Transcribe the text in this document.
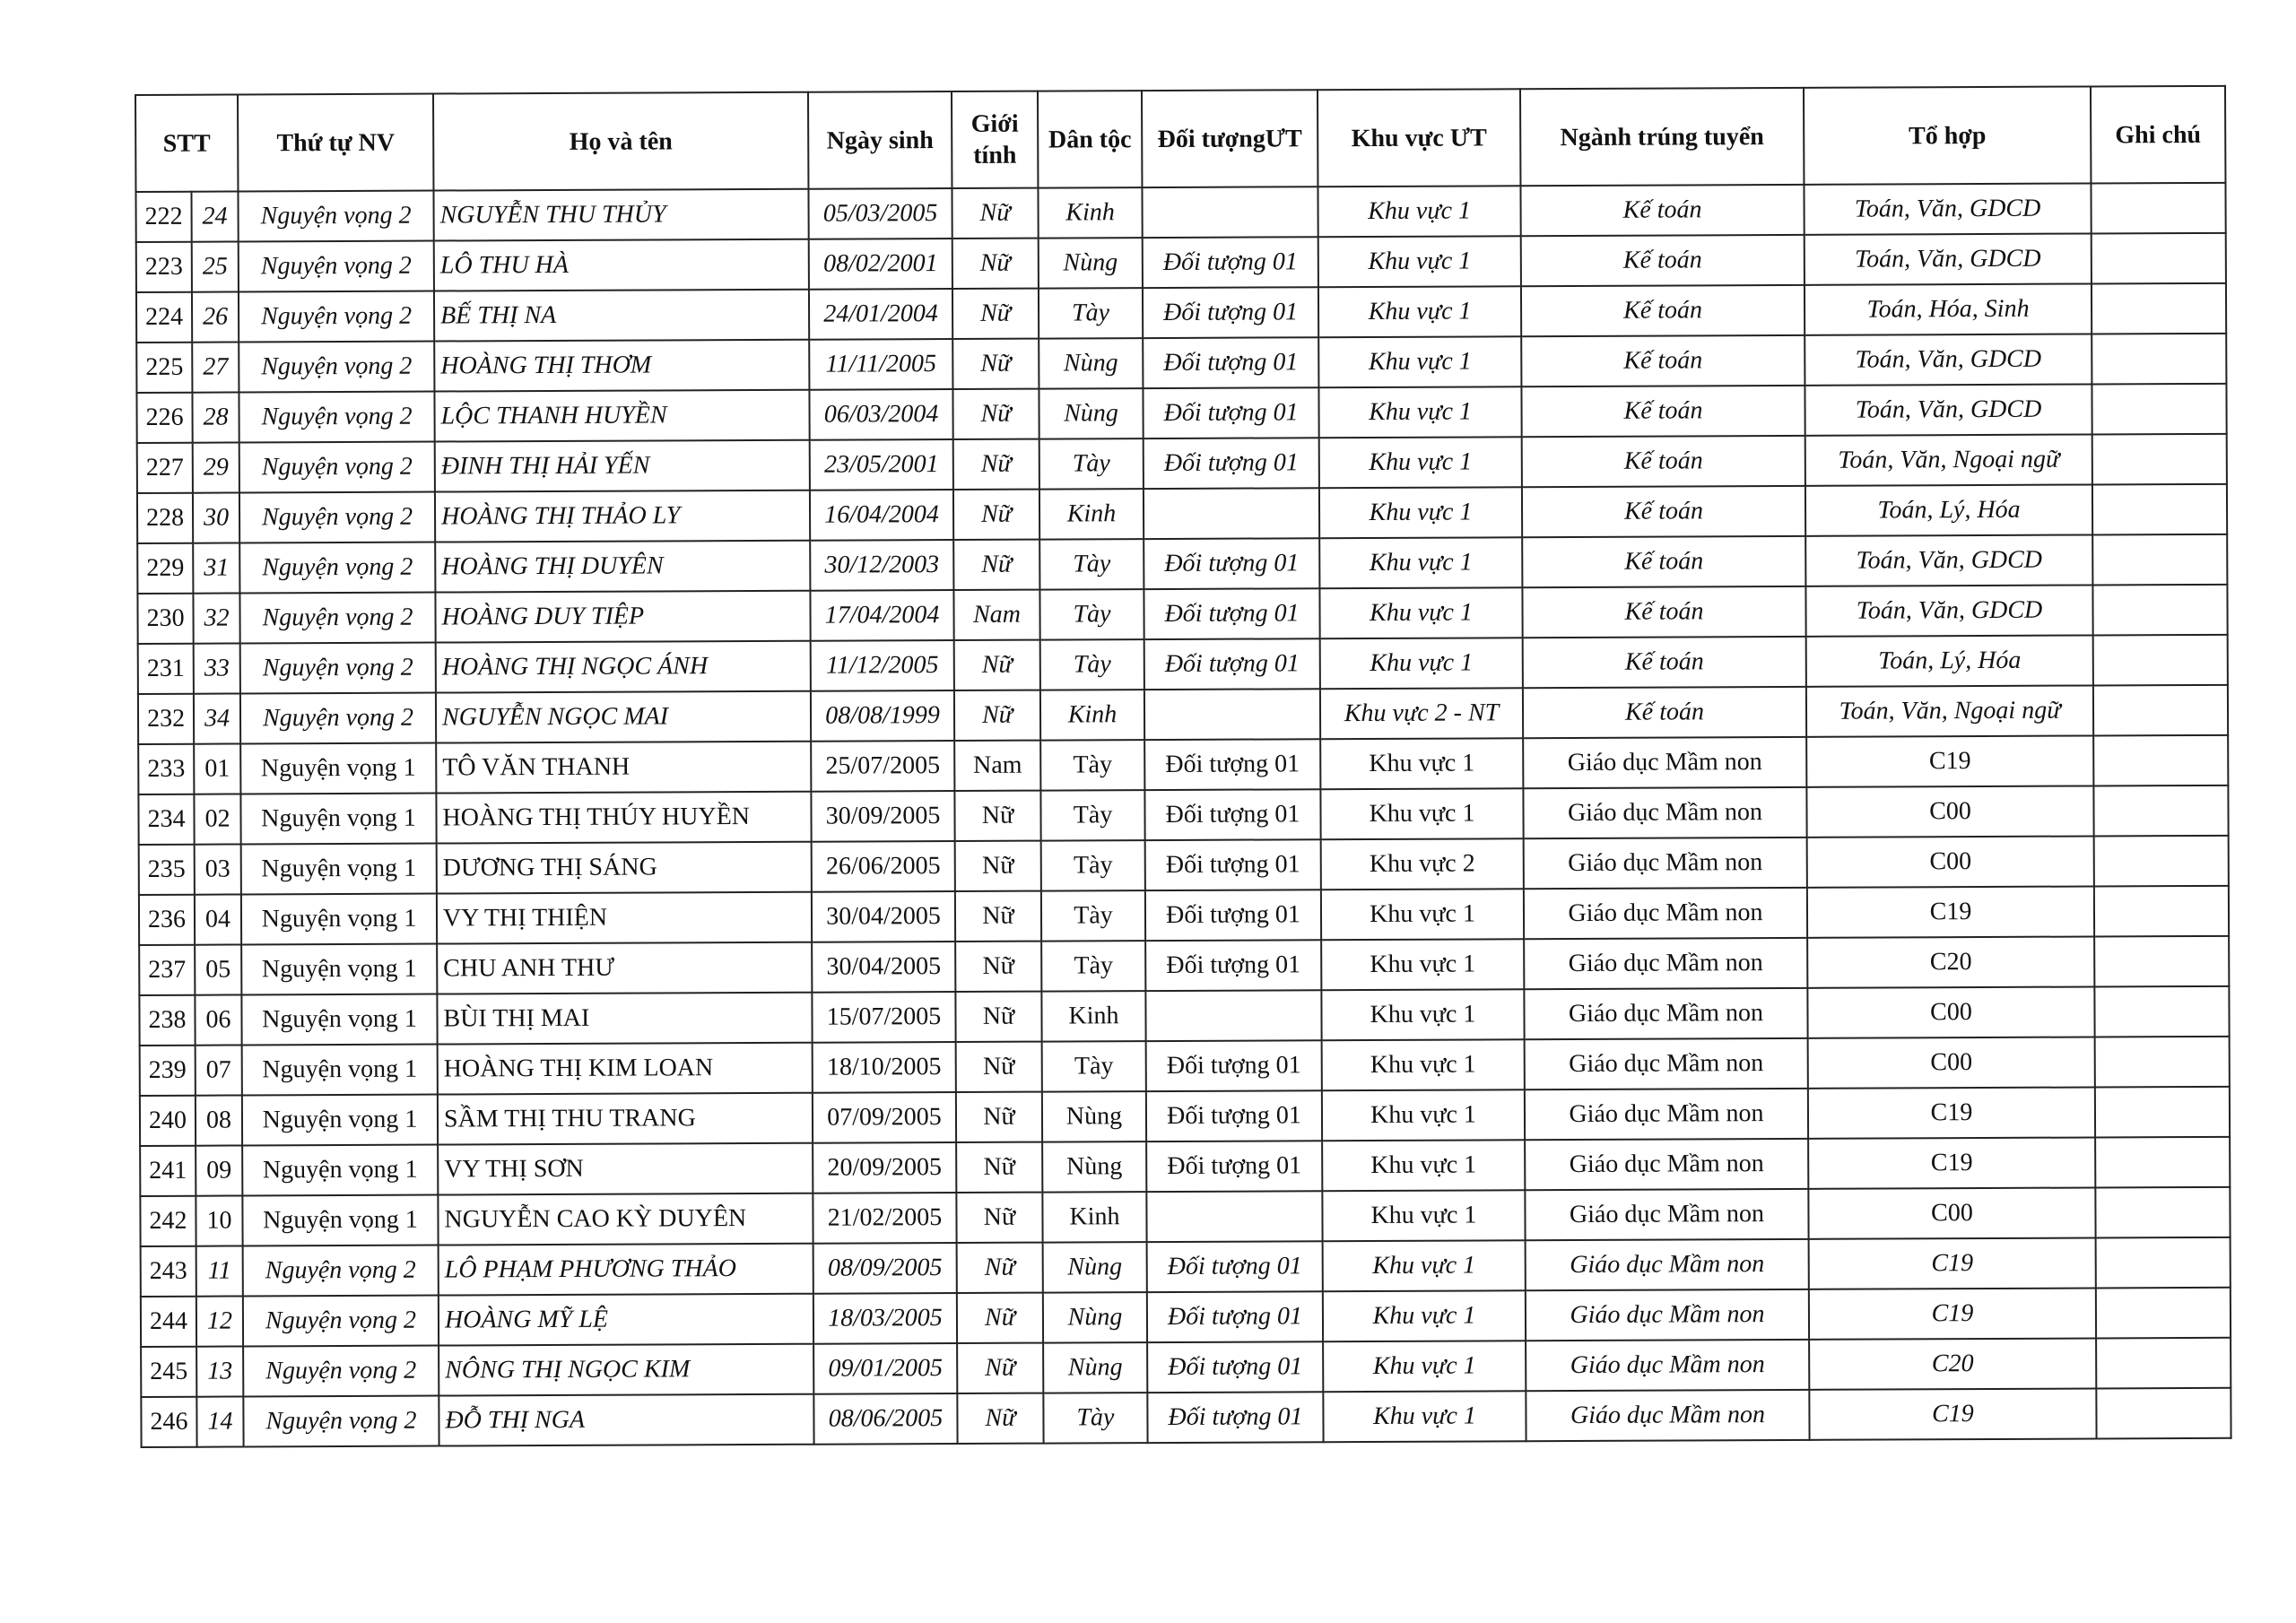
STT		Thứ tự NV	Họ và tên	Ngày sinh	Giới tính	Dân tộc	Đối tượngƯT	Khu vực ƯT	Ngành trúng tuyển	Tổ hợp	Ghi chú
222	24	Nguyện vọng 2	NGUYỄN THU THỦY	05/03/2005	Nữ	Kinh		Khu vực 1	Kế toán	Toán, Văn, GDCD	
223	25	Nguyện vọng 2	LÔ THU HÀ	08/02/2001	Nữ	Nùng	Đối tượng 01	Khu vực 1	Kế toán	Toán, Văn, GDCD	
224	26	Nguyện vọng 2	BẾ THỊ NA	24/01/2004	Nữ	Tày	Đối tượng 01	Khu vực 1	Kế toán	Toán, Hóa, Sinh	
225	27	Nguyện vọng 2	HOÀNG THỊ THƠM	11/11/2005	Nữ	Nùng	Đối tượng 01	Khu vực 1	Kế toán	Toán, Văn, GDCD	
226	28	Nguyện vọng 2	LỘC THANH HUYỀN	06/03/2004	Nữ	Nùng	Đối tượng 01	Khu vực 1	Kế toán	Toán, Văn, GDCD	
227	29	Nguyện vọng 2	ĐINH THỊ HẢI YẾN	23/05/2001	Nữ	Tày	Đối tượng 01	Khu vực 1	Kế toán	Toán, Văn, Ngoại ngữ	
228	30	Nguyện vọng 2	HOÀNG THỊ THẢO LY	16/04/2004	Nữ	Kinh		Khu vực 1	Kế toán	Toán, Lý, Hóa	
229	31	Nguyện vọng 2	HOÀNG THỊ DUYÊN	30/12/2003	Nữ	Tày	Đối tượng 01	Khu vực 1	Kế toán	Toán, Văn, GDCD	
230	32	Nguyện vọng 2	HOÀNG DUY TIỆP	17/04/2004	Nam	Tày	Đối tượng 01	Khu vực 1	Kế toán	Toán, Văn, GDCD	
231	33	Nguyện vọng 2	HOÀNG THỊ NGỌC ÁNH	11/12/2005	Nữ	Tày	Đối tượng 01	Khu vực 1	Kế toán	Toán, Lý, Hóa	
232	34	Nguyện vọng 2	NGUYỄN NGỌC MAI	08/08/1999	Nữ	Kinh		Khu vực 2 - NT	Kế toán	Toán, Văn, Ngoại ngữ	
233	01	Nguyện vọng 1	TÔ VĂN THANH	25/07/2005	Nam	Tày	Đối tượng 01	Khu vực 1	Giáo dục Mầm non	C19	
234	02	Nguyện vọng 1	HOÀNG THỊ THÚY HUYỀN	30/09/2005	Nữ	Tày	Đối tượng 01	Khu vực 1	Giáo dục Mầm non	C00	
235	03	Nguyện vọng 1	DƯƠNG THỊ SÁNG	26/06/2005	Nữ	Tày	Đối tượng 01	Khu vực 2	Giáo dục Mầm non	C00	
236	04	Nguyện vọng 1	VY THỊ THIỆN	30/04/2005	Nữ	Tày	Đối tượng 01	Khu vực 1	Giáo dục Mầm non	C19	
237	05	Nguyện vọng 1	CHU ANH THƯ	30/04/2005	Nữ	Tày	Đối tượng 01	Khu vực 1	Giáo dục Mầm non	C20	
238	06	Nguyện vọng 1	BÙI THỊ MAI	15/07/2005	Nữ	Kinh		Khu vực 1	Giáo dục Mầm non	C00	
239	07	Nguyện vọng 1	HOÀNG THỊ KIM LOAN	18/10/2005	Nữ	Tày	Đối tượng 01	Khu vực 1	Giáo dục Mầm non	C00	
240	08	Nguyện vọng 1	SẦM THỊ THU TRANG	07/09/2005	Nữ	Nùng	Đối tượng 01	Khu vực 1	Giáo dục Mầm non	C19	
241	09	Nguyện vọng 1	VY THỊ SƠN	20/09/2005	Nữ	Nùng	Đối tượng 01	Khu vực 1	Giáo dục Mầm non	C19	
242	10	Nguyện vọng 1	NGUYỄN CAO KỲ DUYÊN	21/02/2005	Nữ	Kinh		Khu vực 1	Giáo dục Mầm non	C00	
243	11	Nguyện vọng 2	LÔ PHẠM PHƯƠNG THẢO	08/09/2005	Nữ	Nùng	Đối tượng 01	Khu vực 1	Giáo dục Mầm non	C19	
244	12	Nguyện vọng 2	HOÀNG MỸ LỆ	18/03/2005	Nữ	Nùng	Đối tượng 01	Khu vực 1	Giáo dục Mầm non	C19	
245	13	Nguyện vọng 2	NÔNG THỊ NGỌC KIM	09/01/2005	Nữ	Nùng	Đối tượng 01	Khu vực 1	Giáo dục Mầm non	C20	
246	14	Nguyện vọng 2	ĐỖ THỊ NGA	08/06/2005	Nữ	Tày	Đối tượng 01	Khu vực 1	Giáo dục Mầm non	C19	
